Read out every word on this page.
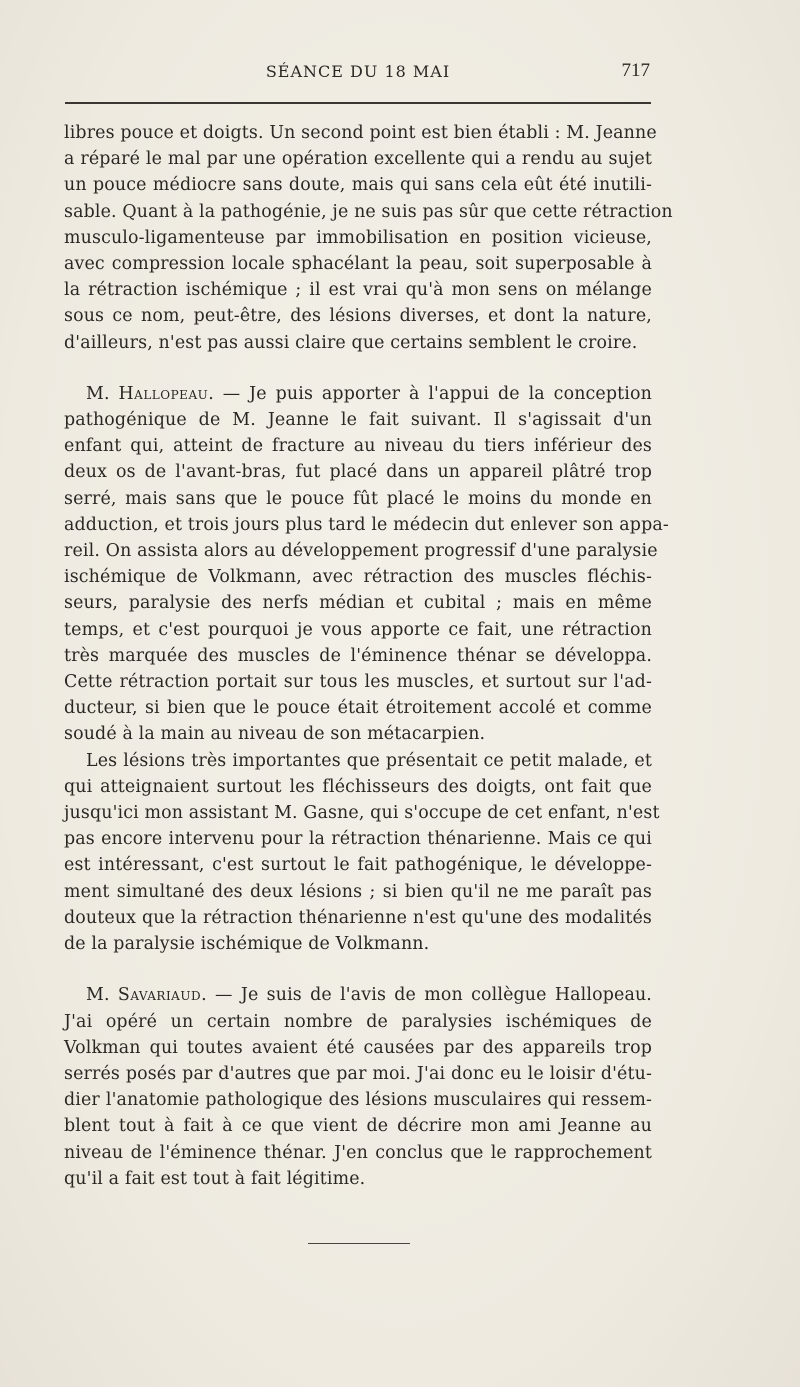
SÉANCE DU 18 MAI	717
libres pouce et doigts. Un second point est bien établi : M. Jeanne
a réparé le mal par une opération excellente qui a rendu au sujet
un pouce médiocre sans doute, mais qui sans cela eût été inutili-
sable. Quant à la pathogénie, je ne suis pas sûr que cette rétraction
musculo-ligamenteuse par immobilisation en position vicieuse,
avec compression locale sphacélant la peau, soit superposable à
la rétraction ischémique ; il est vrai qu'à mon sens on mélange
sous ce nom, peut-être, des lésions diverses, et dont la nature,
d'ailleurs, n'est pas aussi claire que certains semblent le croire.
M. Hallopeau. — Je puis apporter à l'appui de la conception
pathogénique de M. Jeanne le fait suivant. Il s'agissait d'un
enfant qui, atteint de fracture au niveau du tiers inférieur des
deux os de l'avant-bras, fut placé dans un appareil plâtré trop
serré, mais sans que le pouce fût placé le moins du monde en
adduction, et trois jours plus tard le médecin dut enlever son appa-
reil. On assista alors au développement progressif d'une paralysie
ischémique de Volkmann, avec rétraction des muscles fléchis-
seurs, paralysie des nerfs médian et cubital ; mais en même
temps, et c'est pourquoi je vous apporte ce fait, une rétraction
très marquée des muscles de l'éminence thénar se développa.
Cette rétraction portait sur tous les muscles, et surtout sur l'ad-
ducteur, si bien que le pouce était étroitement accolé et comme
soudé à la main au niveau de son métacarpien.
Les lésions très importantes que présentait ce petit malade, et
qui atteignaient surtout les fléchisseurs des doigts, ont fait que
jusqu'ici mon assistant M. Gasne, qui s'occupe de cet enfant, n'est
pas encore intervenu pour la rétraction thénarienne. Mais ce qui
est intéressant, c'est surtout le fait pathogénique, le développe-
ment simultané des deux lésions ; si bien qu'il ne me paraît pas
douteux que la rétraction thénarienne n'est qu'une des modalités
de la paralysie ischémique de Volkmann.
M. Savariaud. — Je suis de l'avis de mon collègue Hallopeau.
J'ai opéré un certain nombre de paralysies ischémiques de
Volkman qui toutes avaient été causées par des appareils trop
serrés posés par d'autres que par moi. J'ai donc eu le loisir d'étu-
dier l'anatomie pathologique des lésions musculaires qui ressem-
blent tout à fait à ce que vient de décrire mon ami Jeanne au
niveau de l'éminence thénar. J'en conclus que le rapprochement
qu'il a fait est tout à fait légitime.
